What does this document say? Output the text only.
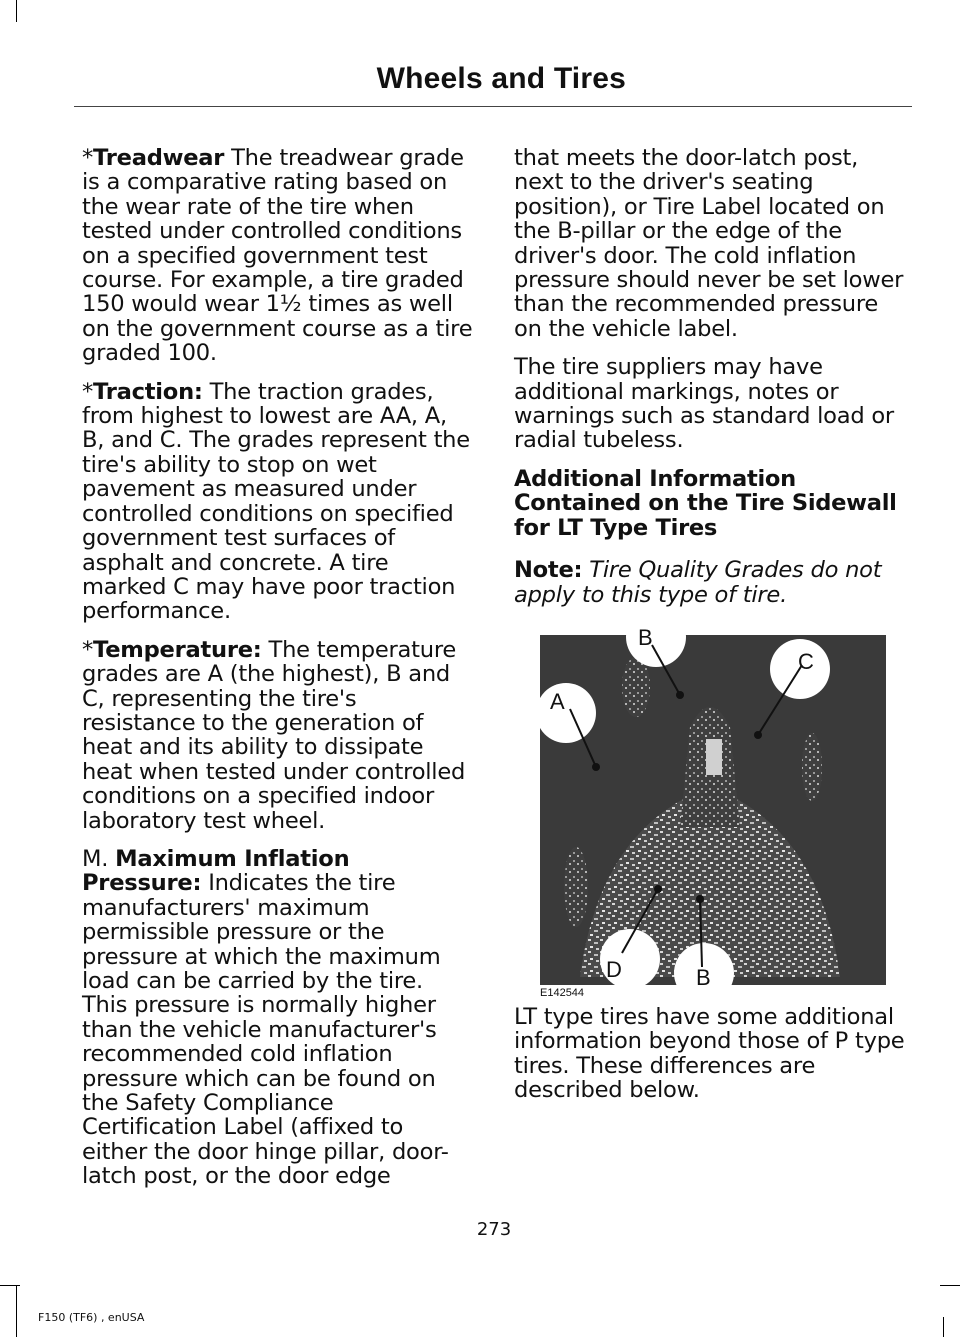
Wheels and Tires

*Treadwear The treadwear grade is a comparative rating based on the wear rate of the tire when tested under controlled conditions on a specified government test course. For example, a tire graded 150 would wear 1½ times as well on the government course as a tire graded 100.

*Traction: The traction grades, from highest to lowest are AA, A, B, and C. The grades represent the tire's ability to stop on wet pavement as measured under controlled conditions on specified government test surfaces of asphalt and concrete. A tire marked C may have poor traction performance.

*Temperature: The temperature grades are A (the highest), B and C, representing the tire's resistance to the generation of heat and its ability to dissipate heat when tested under controlled conditions on a specified indoor laboratory test wheel.

M. Maximum Inflation Pressure: Indicates the tire manufacturers' maximum permissible pressure or the pressure at which the maximum load can be carried by the tire. This pressure is normally higher than the vehicle manufacturer's recommended cold inflation pressure which can be found on the Safety Compliance Certification Label (affixed to either the door hinge pillar, door-latch post, or the door edge

that meets the door-latch post, next to the driver's seating position), or Tire Label located on the B-pillar or the edge of the driver's door. The cold inflation pressure should never be set lower than the recommended pressure on the vehicle label.

The tire suppliers may have additional markings, notes or warnings such as standard load or radial tubeless.

Additional Information Contained on the Tire Sidewall for LT Type Tires

Note: Tire Quality Grades do not apply to this type of tire.

B
C
A
D	B
E142544

LT type tires have some additional information beyond those of P type tires. These differences are described below.

273
F150 (TF6) , enUSA
